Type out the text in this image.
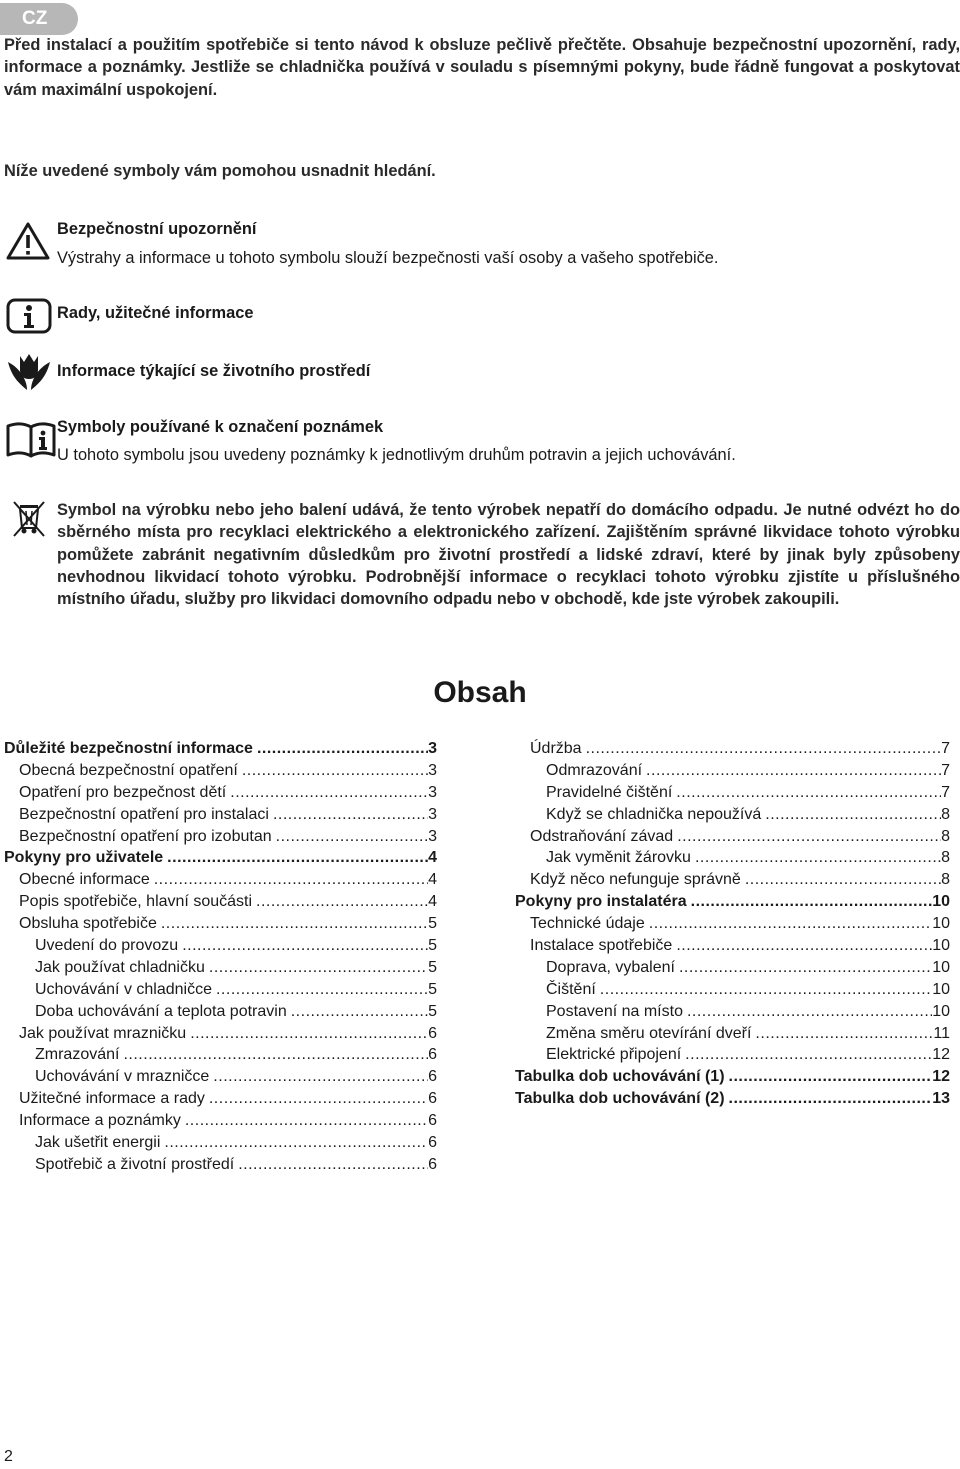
CZ

Před instalací a použitím spotřebiče si tento návod k obsluze pečlivě přečtěte. Obsahuje bezpečnostní upozornění, rady, informace a poznámky. Jestliže se chladnička používá v souladu s písemnými pokyny, bude řádně fungovat a poskytovat vám maximální uspokojení.

Níže uvedené symboly vám pomohou usnadnit hledání.

Bezpečnostní upozornění

Výstrahy a informace u tohoto symbolu slouží bezpečnosti vaší osoby a vašeho spotřebiče.

Rady, užitečné informace

Informace týkající se životního prostředí

Symboly používané k označení poznámek

U tohoto symbolu jsou uvedeny poznámky k jednotlivým druhům potravin a jejich uchovávání.

Symbol na výrobku nebo jeho balení udává, že tento výrobek nepatří do domácího odpadu. Je nutné odvézt ho do sběrného místa pro recyklaci elektrického a elektronického zařízení. Zajištěním správné likvidace tohoto výrobku pomůžete zabránit negativním důsledkům pro životní prostředí a lidské zdraví, které by jinak byly způsobeny nevhodnou likvidací tohoto výrobku. Podrobnější informace o recyklaci tohoto výrobku zjistíte u příslušného místního úřadu, služby pro likvidaci domovního odpadu nebo v obchodě, kde jste výrobek zakoupili.

Obsah
Důležité bezpečnostní informace .....	3
Obecná bezpečnostní opatření .....	3
Opatření pro bezpečnost dětí .....	3
Bezpečnostní opatření pro instalaci .....	3
Bezpečnostní opatření pro izobutan .....	3
Pokyny pro uživatele .....	4
Obecné informace .....	4
Popis spotřebiče, hlavní součásti .....	4
Obsluha spotřebiče .....	5
Uvedení do provozu .....	5
Jak používat chladničku .....	5
Uchovávání v chladničce .....	5
Doba uchovávání a teplota potravin .....	5
Jak používat mrazničku .....	6
Zmrazování .....	6
Uchovávání v mrazničce .....	6
Užitečné informace a rady .....	6
Informace a poznámky .....	6
Jak ušetřit energii .....	6
Spotřebič a životní prostředí .....	6
Údržba .....	7
Odmrazování .....	7
Pravidelné čištění .....	7
Když se chladnička nepoužívá .....	8
Odstraňování závad .....	8
Jak vyměnit žárovku .....	8
Když něco nefunguje správně .....	8
Pokyny pro instalatéra .....	10
Technické údaje .....	10
Instalace spotřebiče .....	10
Doprava, vybalení .....	10
Čištění .....	10
Postavení na místo .....	10
Změna směru otevírání dveří .....	11
Elektrické připojení .....	12
Tabulka dob uchovávání (1) .....	12
Tabulka dob uchovávání (2) .....	13

2
